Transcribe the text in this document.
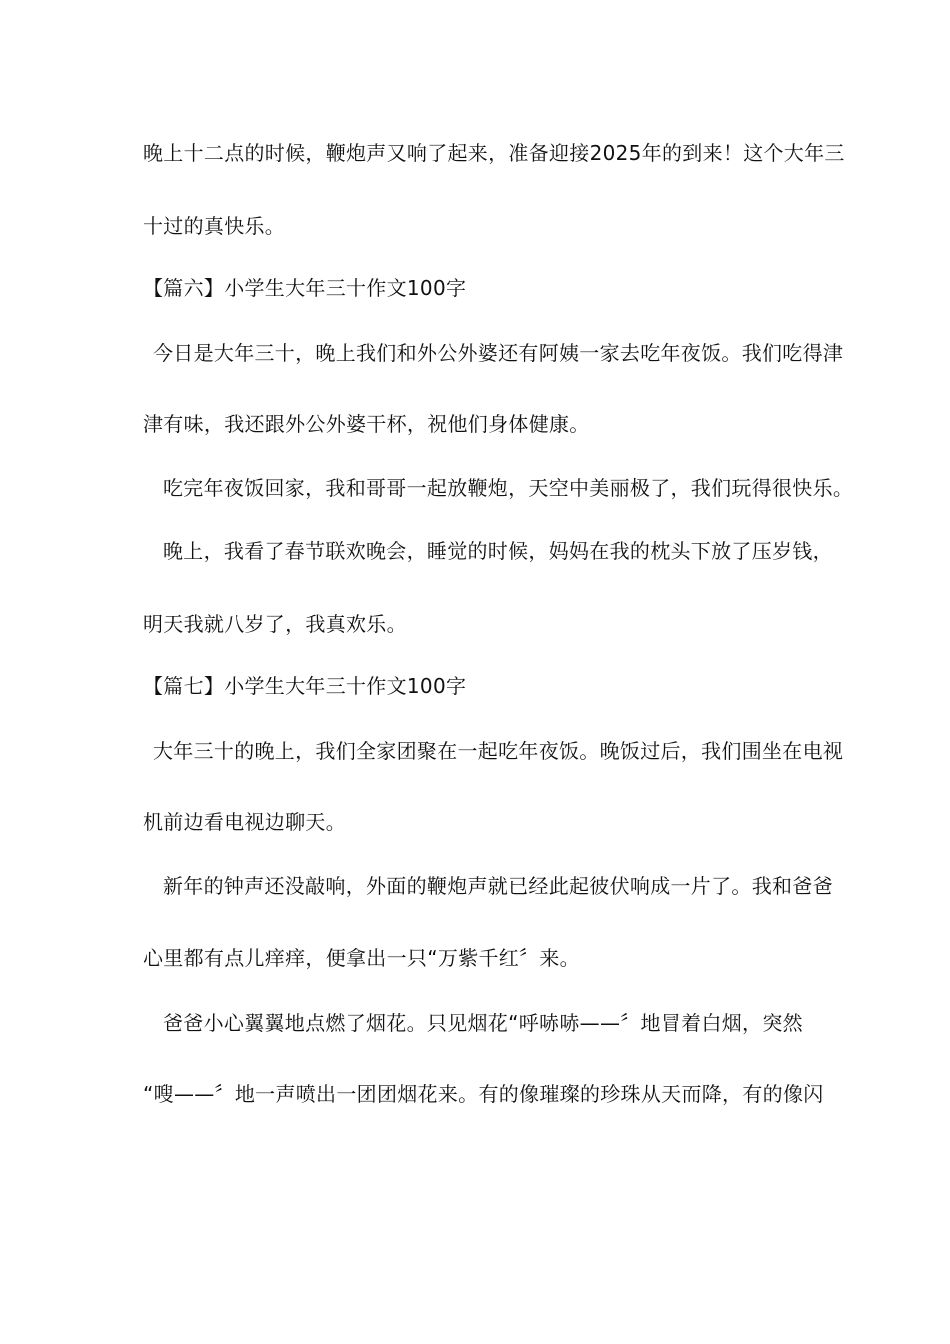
晚上十二点的时候，鞭炮声又响了起来，准备迎接2025年的到来！这个大年三
十过的真快乐。
【篇六】小学生大年三十作文100字
今日是大年三十，晚上我们和外公外婆还有阿姨一家去吃年夜饭。我们吃得津
津有味，我还跟外公外婆干杯，祝他们身体健康。
吃完年夜饭回家，我和哥哥一起放鞭炮，天空中美丽极了，我们玩得很快乐。
晚上，我看了春节联欢晚会，睡觉的时候，妈妈在我的枕头下放了压岁钱，
明天我就八岁了，我真欢乐。
【篇七】小学生大年三十作文100字
大年三十的晚上，我们全家团聚在一起吃年夜饭。晚饭过后，我们围坐在电视
机前边看电视边聊天。
新年的钟声还没敲响，外面的鞭炮声就已经此起彼伏响成一片了。我和爸爸
心里都有点儿痒痒，便拿出一只“万紫千红〞来。
爸爸小心翼翼地点燃了烟花。只见烟花“呼哧哧——〞地冒着白烟，突然
“嗖——〞地一声喷出一团团烟花来。有的像璀璨的珍珠从天而降，有的像闪
